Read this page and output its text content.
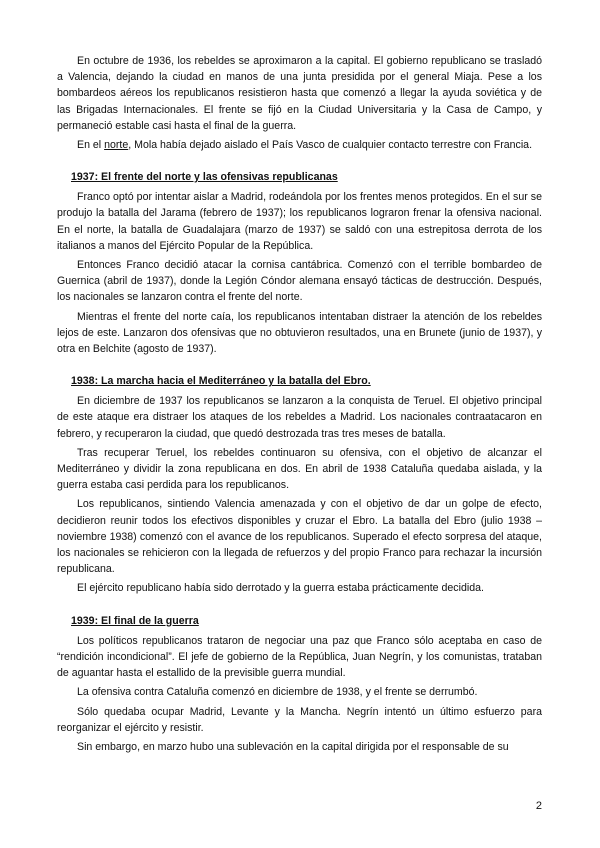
En octubre de 1936, los rebeldes se aproximaron a la capital. El gobierno republicano se trasladó a Valencia, dejando la ciudad en manos de una junta presidida por el general Miaja. Pese a los bombardeos aéreos los republicanos resistieron hasta que comenzó a llegar la ayuda soviética y de las Brigadas Internacionales. El frente se fijó en la Ciudad Universitaria y la Casa de Campo, y permaneció estable casi hasta el final de la guerra.

En el norte, Mola había dejado aislado el País Vasco de cualquier contacto terrestre con Francia.

1937: El frente del norte y las ofensivas republicanas

Franco optó por intentar aislar a Madrid, rodeándola por los frentes menos protegidos. En el sur se produjo la batalla del Jarama (febrero de 1937); los republicanos lograron frenar la ofensiva nacional. En el norte, la batalla de Guadalajara (marzo de 1937) se saldó con una estrepitosa derrota de los italianos a manos del Ejército Popular de la República.

Entonces Franco decidió atacar la cornisa cantábrica. Comenzó con el terrible bombardeo de Guernica (abril de 1937), donde la Legión Cóndor alemana ensayó tácticas de destrucción. Después, los nacionales se lanzaron contra el frente del norte.

Mientras el frente del norte caía, los republicanos intentaban distraer la atención de los rebeldes lejos de este. Lanzaron dos ofensivas que no obtuvieron resultados, una en Brunete (junio de 1937), y otra en Belchite (agosto de 1937).

1938: La marcha hacia el Mediterráneo y la batalla del Ebro.

En diciembre de 1937 los republicanos se lanzaron a la conquista de Teruel. El objetivo principal de este ataque era distraer los ataques de los rebeldes a Madrid. Los nacionales contraatacaron en febrero, y recuperaron la ciudad, que quedó destrozada tras tres meses de batalla.

Tras recuperar Teruel, los rebeldes continuaron su ofensiva, con el objetivo de alcanzar el Mediterráneo y dividir la zona republicana en dos. En abril de 1938 Cataluña quedaba aislada, y la guerra estaba casi perdida para los republicanos.

Los republicanos, sintiendo Valencia amenazada y con el objetivo de dar un golpe de efecto, decidieron reunir todos los efectivos disponibles y cruzar el Ebro. La batalla del Ebro (julio 1938 – noviembre 1938) comenzó con el avance de los republicanos. Superado el efecto sorpresa del ataque, los nacionales se rehicieron con la llegada de refuerzos y del propio Franco para rechazar la incursión republicana.

El ejército republicano había sido derrotado y la guerra estaba prácticamente decidida.

1939: El final de la guerra

Los políticos republicanos trataron de negociar una paz que Franco sólo aceptaba en caso de “rendición incondicional”. El jefe de gobierno de la República, Juan Negrín, y los comunistas, trataban de aguantar hasta el estallido de la previsible guerra mundial.

La ofensiva contra Cataluña comenzó en diciembre de 1938, y el frente se derrumbó.

Sólo quedaba ocupar Madrid, Levante y la Mancha. Negrín intentó un último esfuerzo para reorganizar el ejército y resistir.

Sin embargo, en marzo hubo una sublevación en la capital dirigida por el responsable de su

2
